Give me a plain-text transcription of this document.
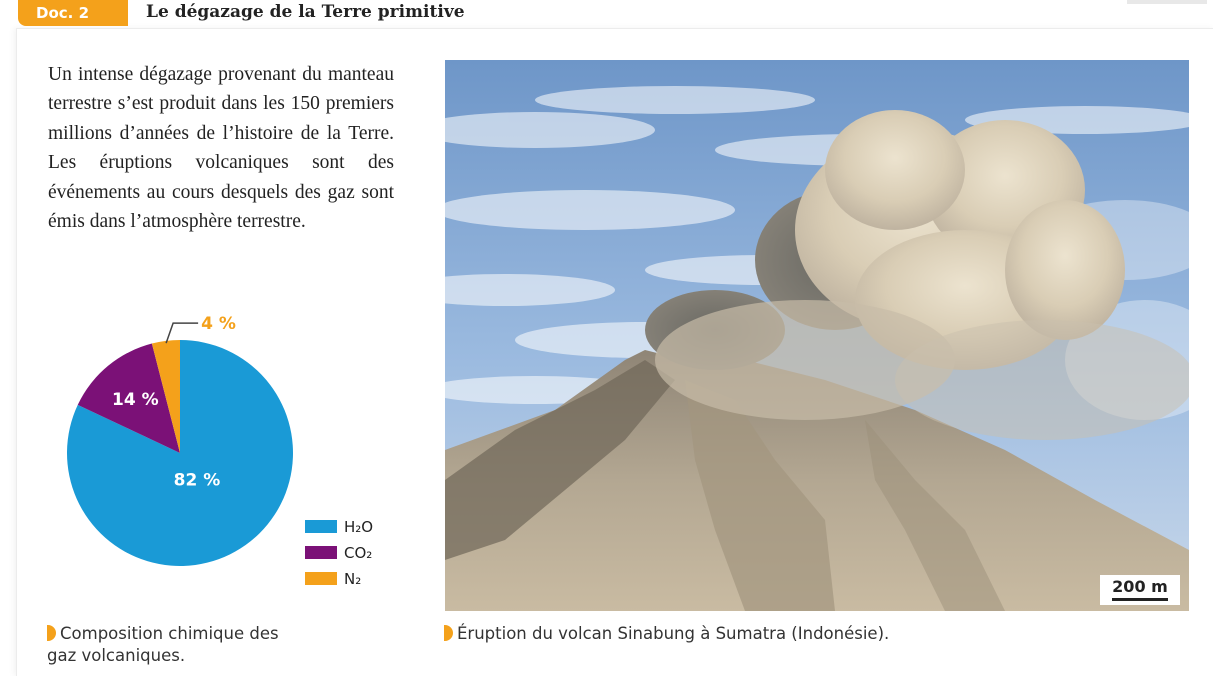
Doc. 2	Le dégazage de la Terre primitive

Un intense dégazage provenant du manteau terrestre s’est produit dans les 150 premiers millions d’années de l’histoire de la Terre. Les éruptions volcaniques sont des événements au cours desquels des gaz sont émis dans l’atmosphère terrestre.

82 %
14 %
4 %
H₂O
CO₂
N₂
Composition chimique des gaz volcaniques.
200 m
Éruption du volcan Sinabung à Sumatra (Indonésie).
